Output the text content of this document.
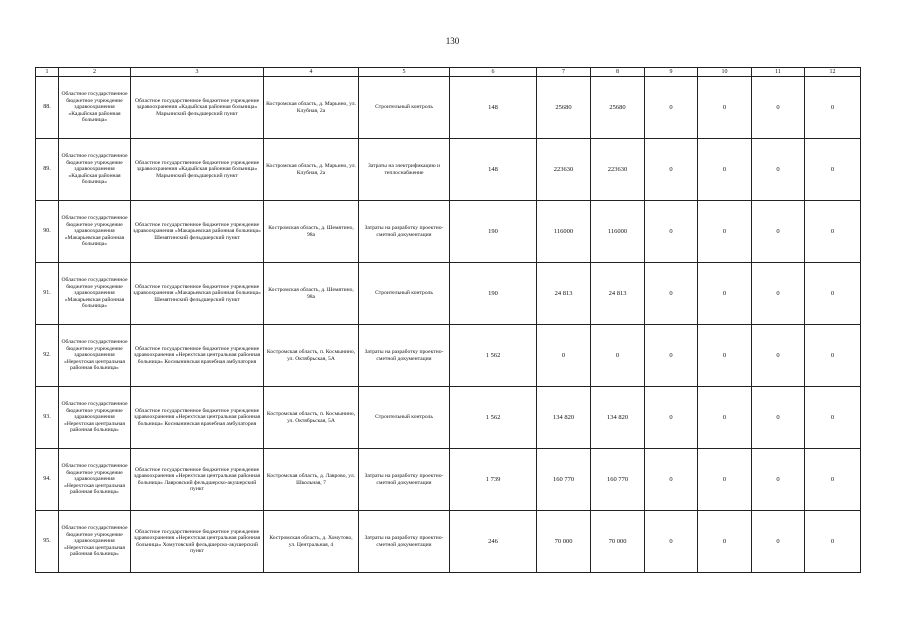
130
1	2	3	4	5	6	7	8	9	10	11	12
88.	Областное государственное бюджетное учреждение здравоохранения «Кадыйская районная больница»	Областное государственное бюджетное учреждение здравоохранения «Кадыйская районная больница» Марьинский фельдшерский пункт	Костромская область, д. Марьино, ул. Клубная, 2а	Строительный контроль	148	25680	25680	0	0	0	0
89.	Областное государственное бюджетное учреждение здравоохранения «Кадыйская районная больница»	Областное государственное бюджетное учреждение здравоохранения «Кадыйская районная больница» Марьинский фельдшерский пункт	Костромская область, д. Марьино, ул. Клубная, 2а	Затраты на электрификацию и теплоснабжение	148	223630	223630	0	0	0	0
90.	Областное государственное бюджетное учреждение здравоохранения «Макарьевская районная больница»	Областное государственное бюджетное учреждение здравоохранения «Макарьевская районная больница» Шемятинский фельдшерский пункт	Костромская область, д. Шемятино, 98а	Затраты на разработку проектно-сметной документации	190	116000	116000	0	0	0	0
91.	Областное государственное бюджетное учреждение здравоохранения «Макарьевская районная больница»	Областное государственное бюджетное учреждение здравоохранения «Макарьевская районная больница» Шемятинский фельдшерский пункт	Костромская область, д. Шемятино, 98а	Строительный контроль	190	24 813	24 813	0	0	0	0
92.	Областное государственное бюджетное учреждение здравоохранения «Нерехтская центральная районная больница»	Областное государственное бюджетное учреждение здравоохранения «Нерехтская центральная районная больница» Космынинская врачебная амбулатория	Костромская область, п. Космынино, ул. Октябрьская, 5А	Затраты на разработку проектно-сметной документации	1 562	0	0	0	0	0	0
93.	Областное государственное бюджетное учреждение здравоохранения «Нерехтская центральная районная больница»	Областное государственное бюджетное учреждение здравоохранения «Нерехтская центральная районная больница» Космынинская врачебная амбулатория	Костромская область, п. Космынино, ул. Октябрьская, 5А	Строительный контроль	1 562	134 820	134 820	0	0	0	0
94.	Областное государственное бюджетное учреждение здравоохранения «Нерехтская центральная районная больница»	Областное государственное бюджетное учреждение здравоохранения «Нерехтская центральная районная больница» Лавровский фельдшерско-акушерский пункт	Костромская область, д. Лаврово, ул. Школьная, 7	Затраты на разработку проектно-сметной документации	1 739	160 770	160 770	0	0	0	0
95.	Областное государственное бюджетное учреждение здравоохранения «Нерехтская центральная районная больница»	Областное государственное бюджетное учреждение здравоохранения «Нерехтская центральная районная больница» Хомутовский фельдшерско-акушерский пункт	Костромская область, д. Хомутово, ул. Центральная, 4	Затраты на разработку проектно-сметной документации	246	70 000	70 000	0	0	0	0
